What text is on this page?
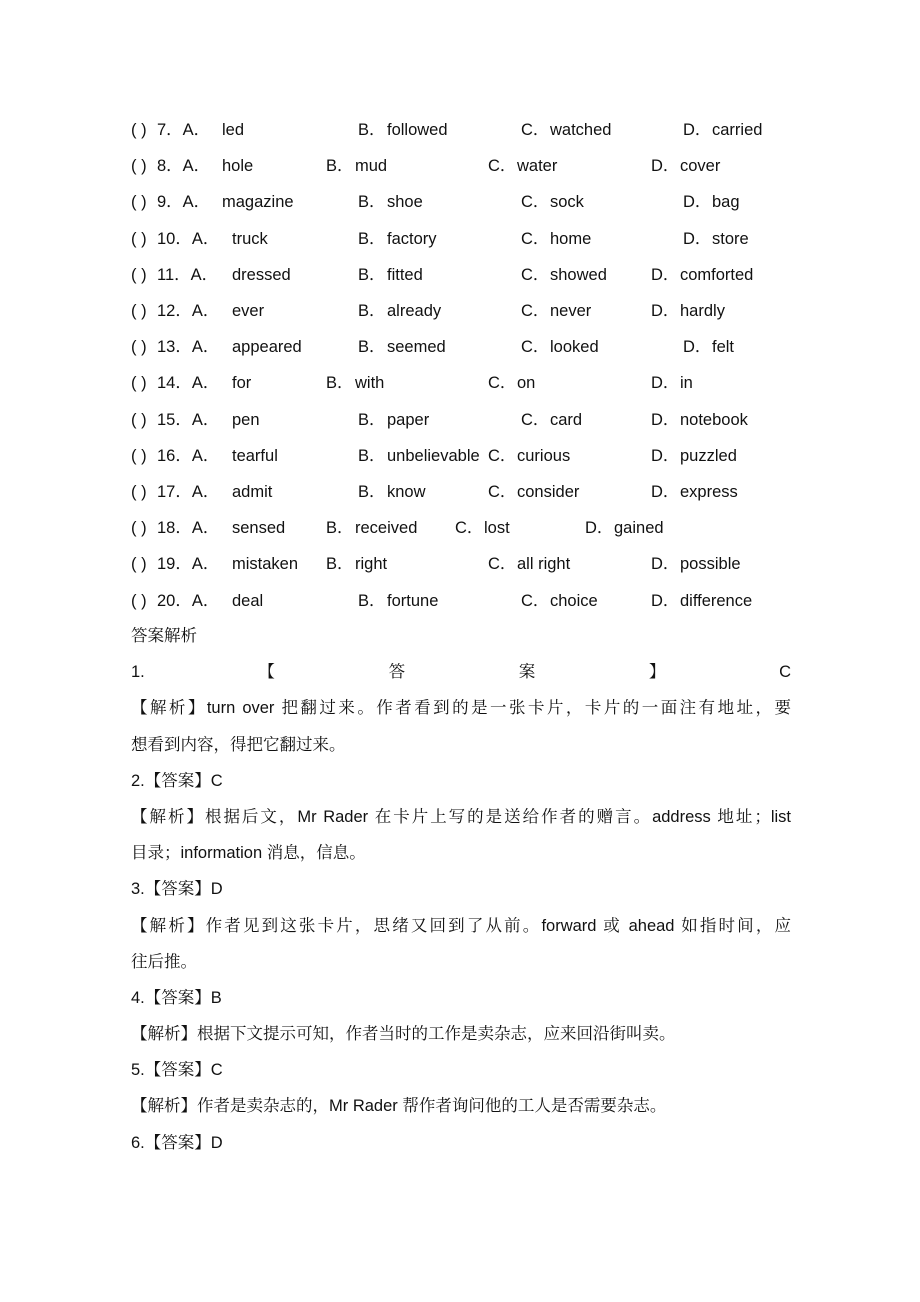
( ) 7．A． led	B． followed	C． watched	D． carried
( ) 8．A． hole	B． mud	C． water	D． cover
( ) 9．A． magazine	B． shoe	C． sock	D． bag
( ) 10．A． truck	B． factory	C． home	D． store
( ) 11．A． dressed	B． fitted	C． showed	D． comforted
( ) 12．A． ever	B． already	C． never	D． hardly
( ) 13．A． appeared	B． seemed	C． looked	D． felt
( ) 14．A． for	B． with	C． on	D． in
( ) 15．A． pen	B． paper	C． card	D． notebook
( ) 16．A． tearful	B． unbelievable C． curious	D． puzzled
( ) 17．A． admit	B． know	C． consider	D． express
( ) 18．A． sensed B． received C． lost	D． gained
( ) 19．A． mistaken B． right	C． all right	D． possible
( ) 20．A． deal	B． fortune	C． choice	D． difference
答案解析
1.【答案】C
【解析】turn over 把翻过来。作者看到的是一张卡片，卡片的一面注有地址，要
想看到内容，得把它翻过来。
2.【答案】C
【解析】根据后文，Mr Rader 在卡片上写的是送给作者的赠言。address 地址；list
目录；information 消息，信息。
3.【答案】D
【解析】作者见到这张卡片，思绪又回到了从前。forward 或 ahead 如指时间，应
往后推。
4.【答案】B
【解析】根据下文提示可知，作者当时的工作是卖杂志，应来回沿街叫卖。
5.【答案】C
【解析】作者是卖杂志的，Mr Rader 帮作者询问他的工人是否需要杂志。
6.【答案】D
